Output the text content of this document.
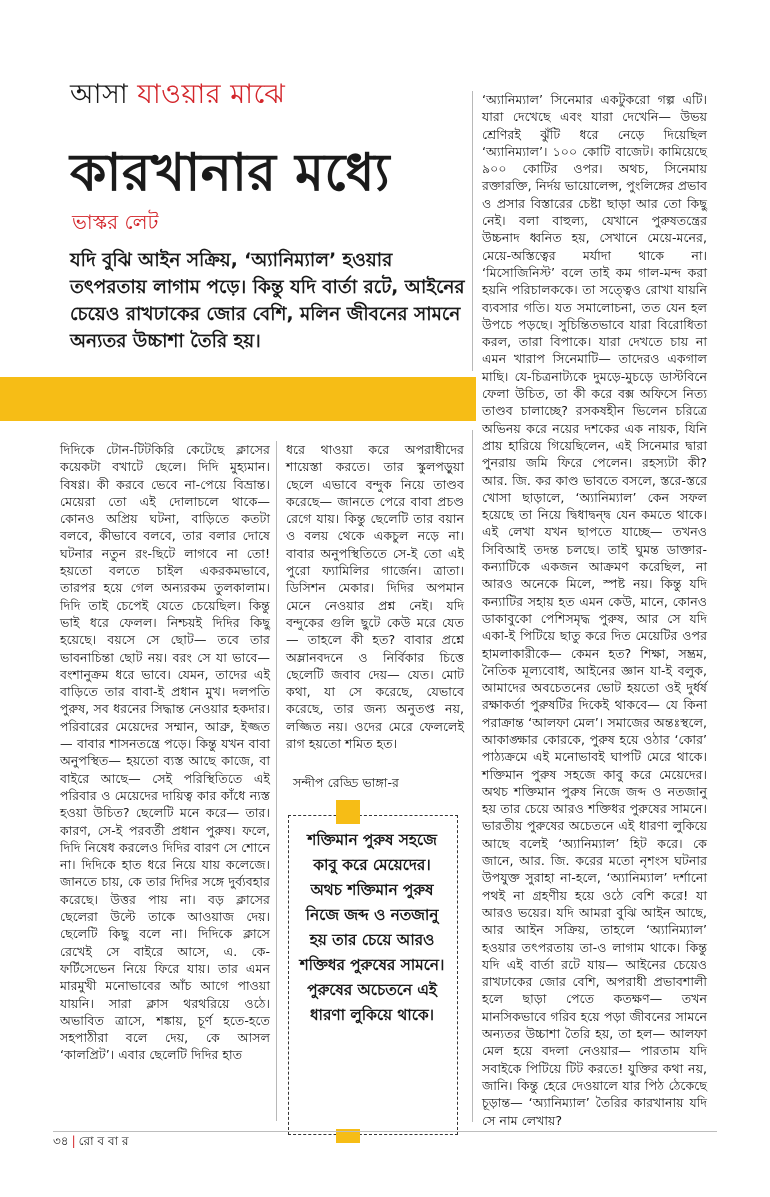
আসা যাওয়ার মাঝে
কারখানার মধ্যে
ভাস্কর লেট
যদি বুঝি আইন সক্রিয়, ‘অ্যানিম্যাল’ হওয়ার তৎপরতায় লাগাম পড়ে। কিন্তু যদি বার্তা রটে, আইনের চেয়েও রাখঢাকের জোর বেশি, মলিন জীবনের সামনে অন্যতর উচ্চাশা তৈরি হয়।

‘অ্যানিম্যাল’ সিনেমার একটুকরো গল্প এটি। যারা দেখেছে এবং যারা দেখেনি— উভয় শ্রেণিরই ঝুঁটি ধরে নেড়ে দিয়েছিল ‘অ্যানিম্যাল’। ১০০ কোটি বাজেট। কামিয়েছে ৯০০ কোটির ওপর। অথচ, সিনেমায় রক্তারক্তি, নির্দয় ভায়োলেন্স, পুংলিঙ্গের প্রভাব ও প্রসার বিস্তারের চেষ্টা ছাড়া আর তো কিছু নেই। বলা বাহুল্য, যেখানে পুরুষতন্ত্রের উচ্চনাদ ধ্বনিত হয়, সেখানে মেয়ে-মনের, মেয়ে-অস্তিত্বের মর্যাদা থাকে না। ‘মিসোজিনিস্ট’ বলে তাই কম গাল-মন্দ করা হয়নি পরিচালককে। তা সত্ত্বেও রোখা যায়নি ব্যবসার গতি। যত সমালোচনা, তত যেন হল উপচে পড়ছে। সুচিন্তিতভাবে যারা বিরোধিতা করল, তারা বিপাকে। যারা দেখতে চায় না এমন খারাপ সিনেমাটি— তাদেরও একগাল মাছি। যে-চিত্রনাট্যকে দুমড়ে-মুচড়ে ডাস্টবিনে ফেলা উচিত, তা কী করে বক্স অফিসে নিত্য তাণ্ডব চালাচ্ছে? রসকষহীন ভিলেন চরিত্রে অভিনয় করে নয়ের দশকের এক নায়ক, যিনি প্রায় হারিয়ে গিয়েছিলেন, এই সিনেমার দ্বারা পুনরায় জমি ফিরে পেলেন। রহস্যটা কী? আর. জি. কর কাণ্ড ভাবতে বসলে, স্তরে-স্তরে খোসা ছাড়ালে, ‘অ্যানিম্যাল’ কেন সফল হয়েছে তা নিয়ে দ্বিধাদ্বন্দ্ব যেন কমতে থাকে। এই লেখা যখন ছাপতে যাচ্ছে— তখনও সিবিআই তদন্ত চলছে। তাই ঘুমন্ত ডাক্তার-কন্যাটিকে একজন আক্রমণ করেছিল, না আরও অনেকে মিলে, স্পষ্ট নয়। কিন্তু যদি কন্যাটির সহায় হত এমন কেউ, মানে, কোনও ডাকাবুকো পেশিসমৃদ্ধ পুরুষ, আর সে যদি একা-ই পিটিয়ে ছাতু করে দিত মেয়েটির ওপর হামলাকারীকে— কেমন হত? শিক্ষা, সম্ভ্রম, নৈতিক মূল্যবোধ, আইনের জ্ঞান যা-ই বলুক, আমাদের অবচেতনের ভোট হয়তো ওই দুর্ধর্ষ রক্ষাকর্তা পুরুষটির দিকেই থাকবে— যে কিনা পরাক্রান্ত ‘আলফা মেল’। সমাজের অন্তঃস্থলে, আকাঙ্ক্ষার কোরকে, পুরুষ হয়ে ওঠার ‘কোর’ পাঠ্যক্রমে এই মনোভাবই ঘাপটি মেরে থাকে। শক্তিমান পুরুষ সহজে কাবু করে মেয়েদের। অথচ শক্তিমান পুরুষ নিজে জব্দ ও নতজানু হয় তার চেয়ে আরও শক্তিধর পুরুষের সামনে। ভারতীয় পুরুষের অচেতনে এই ধারণা লুকিয়ে আছে বলেই ‘অ্যানিম্যাল’ হিট করে। কে জানে, আর. জি. করের মতো নৃশংস ঘটনার উপযুক্ত সুরাহা না-হলে, ‘অ্যানিম্যাল’ দর্শানো পথই না গ্রহণীয় হয়ে ওঠে বেশি করে! যা আরও ভয়ের। যদি আমরা বুঝি আইন আছে, আর আইন সক্রিয়, তাহলে ‘অ্যানিম্যাল’ হওয়ার তৎপরতায় তা-ও লাগাম থাকে। কিন্তু যদি এই বার্তা রটে যায়— আইনের চেয়েও রাখঢাকের জোর বেশি, অপরাধী প্রভাবশালী হলে ছাড়া পেতে কতক্ষণ— তখন মানসিকভাবে গরিব হয়ে পড়া জীবনের সামনে অন্যতর উচ্চাশা তৈরি হয়, তা হল— আলফা মেল হয়ে বদলা নেওয়ার— পারতাম যদি সবাইকে পিটিয়ে টিট করতে! যুক্তির কথা নয়, জানি। কিন্তু হেরে দেওয়ালে যার পিঠ ঠেকেছে চূড়ান্ত— ‘অ্যানিম্যাল’ তৈরির কারখানায় যদি সে নাম লেখায়?

দিদিকে টোন-টিটকিরি কেটেছে ক্লাসের কয়েকটা বখাটে ছেলে। দিদি মুহ্যমান। বিষণ্ণ। কী করবে ভেবে না-পেয়ে বিভ্রান্ত। মেয়েরা তো এই দোলাচলে থাকে— কোনও অপ্রিয় ঘটনা, বাড়িতে কতটা বলবে, কীভাবে বলবে, তার বলার দোষে ঘটনার নতুন রং-ছিটে লাগবে না তো! হয়তো বলতে চাইল একরকমভাবে, তারপর হয়ে গেল অন্যরকম তুলকালাম। দিদি তাই চেপেই যেতে চেয়েছিল। কিন্তু ভাই ধরে ফেলল। নিশ্চয়ই দিদির কিছু হয়েছে। বয়সে সে ছোট— তবে তার ভাবনাচিন্তা ছোট নয়। বরং সে যা ভাবে— বংশানুক্রম ধরে ভাবে। যেমন, তাদের এই বাড়িতে তার বাবা-ই প্রধান মুখ। দলপতি পুরুষ, সব ধরনের সিদ্ধান্ত নেওয়ার হকদার। পরিবারের মেয়েদের সম্মান, আব্রু, ইজ্জত— বাবার শাসনতন্ত্রে পড়ে। কিন্তু যখন বাবা অনুপস্থিত— হয়তো ব্যস্ত আছে কাজে, বা বাইরে আছে— সেই পরিস্থিতিতে এই পরিবার ও মেয়েদের দায়িত্ব কার কাঁধে ন্যস্ত হওয়া উচিত? ছেলেটি মনে করে— তার। কারণ, সে-ই পরবর্তী প্রধান পুরুষ। ফলে, দিদি নিষেধ করলেও দিদির বারণ সে শোনে না। দিদিকে হাত ধরে নিয়ে যায় কলেজে। জানতে চায়, কে তার দিদির সঙ্গে দুর্ব্যবহার করেছে। উত্তর পায় না। বড় ক্লাসের ছেলেরা উল্টে তাকে আওয়াজ দেয়। ছেলেটি কিছু বলে না। দিদিকে ক্লাসে রেখেই সে বাইরে আসে, এ. কে-ফর্টিসেভেন নিয়ে ফিরে যায়। তার এমন মারমুখী মনোভাবের আঁচ আগে পাওয়া যায়নি। সারা ক্লাস থরথরিয়ে ওঠে। অভাবিত ত্রাসে, শঙ্কায়, চূর্ণ হতে-হতে সহপাঠীরা বলে দেয়, কে আসল ‘কালপ্রিট’। এবার ছেলেটি দিদির হাত

ধরে থাওয়া করে অপরাধীদের শায়েস্তা করতে। তার স্কুলপড়ুয়া ছেলে এভাবে বন্দুক নিয়ে তাণ্ডব করেছে— জানতে পেরে বাবা প্রচণ্ড রেগে যায়। কিন্তু ছেলেটি তার বয়ান ও বলয় থেকে একচুল নড়ে না। বাবার অনুপস্থিতিতে সে-ই তো এই পুরো ফ্যামিলির গার্জেন। ত্রাতা। ডিসিশন মেকার। দিদির অপমান মেনে নেওয়ার প্রশ্ন নেই। যদি বন্দুকের গুলি ছুটে কেউ মরে যেত— তাহলে কী হত? বাবার প্রশ্নে অম্লানবদনে ও নির্বিকার চিত্তে ছেলেটি জবাব দেয়— যেত। মোট কথা, যা সে করেছে, যেভাবে করেছে, তার জন্য অনুতপ্ত নয়, লজ্জিত নয়। ওদের মেরে ফেললেই রাগ হয়তো শমিত হত।

সন্দীপ রেড্ডি ভাঙ্গা-র
শক্তিমান পুরুষ সহজে কাবু করে মেয়েদের। অথচ শক্তিমান পুরুষ নিজে জব্দ ও নতজানু হয় তার চেয়ে আরও শক্তিধর পুরুষের সামনে। পুরুষের অচেতনে এই ধারণা লুকিয়ে থাকে।
৩৪ | রো ব বা র
